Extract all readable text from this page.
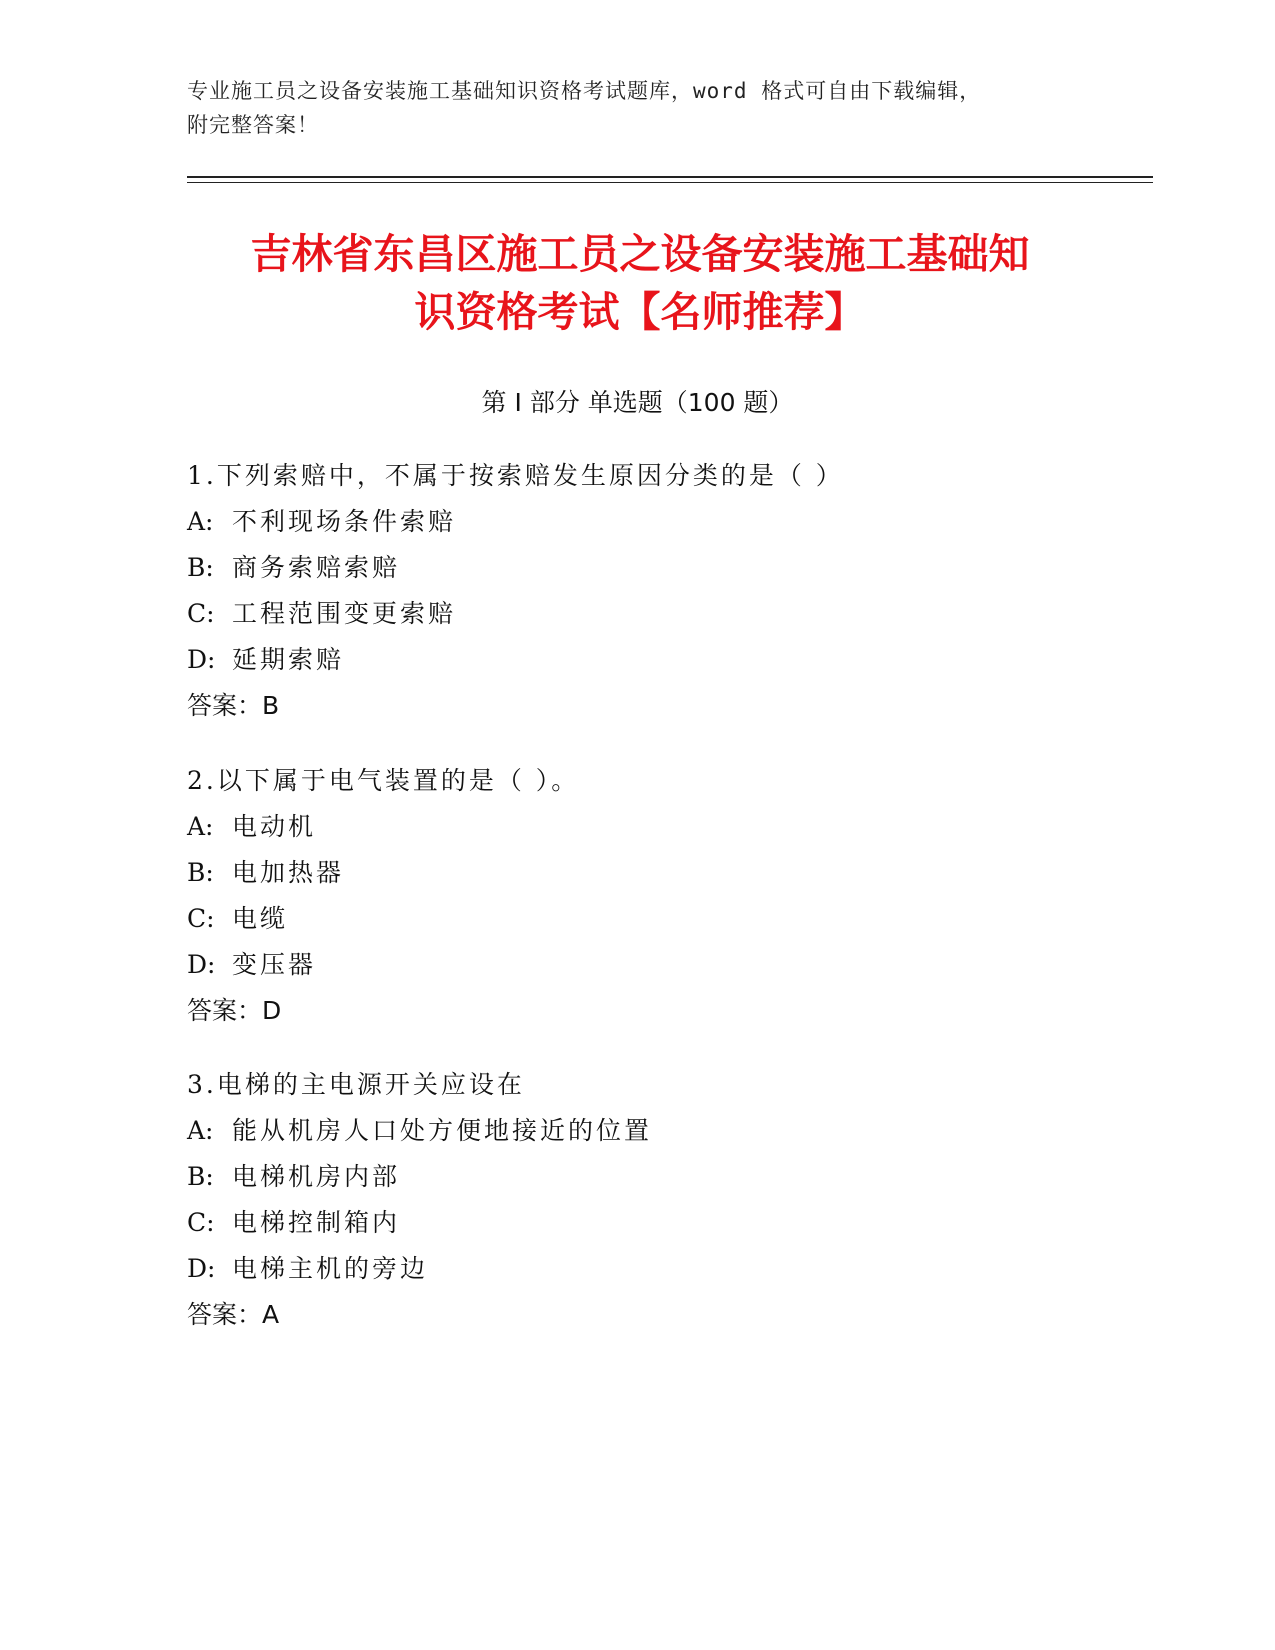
专业施工员之设备安装施工基础知识资格考试题库，word 格式可自由下载编辑，
附完整答案！
吉林省东昌区施工员之设备安装施工基础知
识资格考试【名师推荐】
第 I 部分 单选题（100 题）
1.下列索赔中，不属于按索赔发生原因分类的是（ ）
A: 不利现场条件索赔
B: 商务索赔索赔
C: 工程范围变更索赔
D: 延期索赔
答案：B
2.以下属于电气装置的是（ ）。
A: 电动机
B: 电加热器
C: 电缆
D: 变压器
答案：D
3.电梯的主电源开关应设在
A: 能从机房人口处方便地接近的位置
B: 电梯机房内部
C: 电梯控制箱内
D: 电梯主机的旁边
答案：A
